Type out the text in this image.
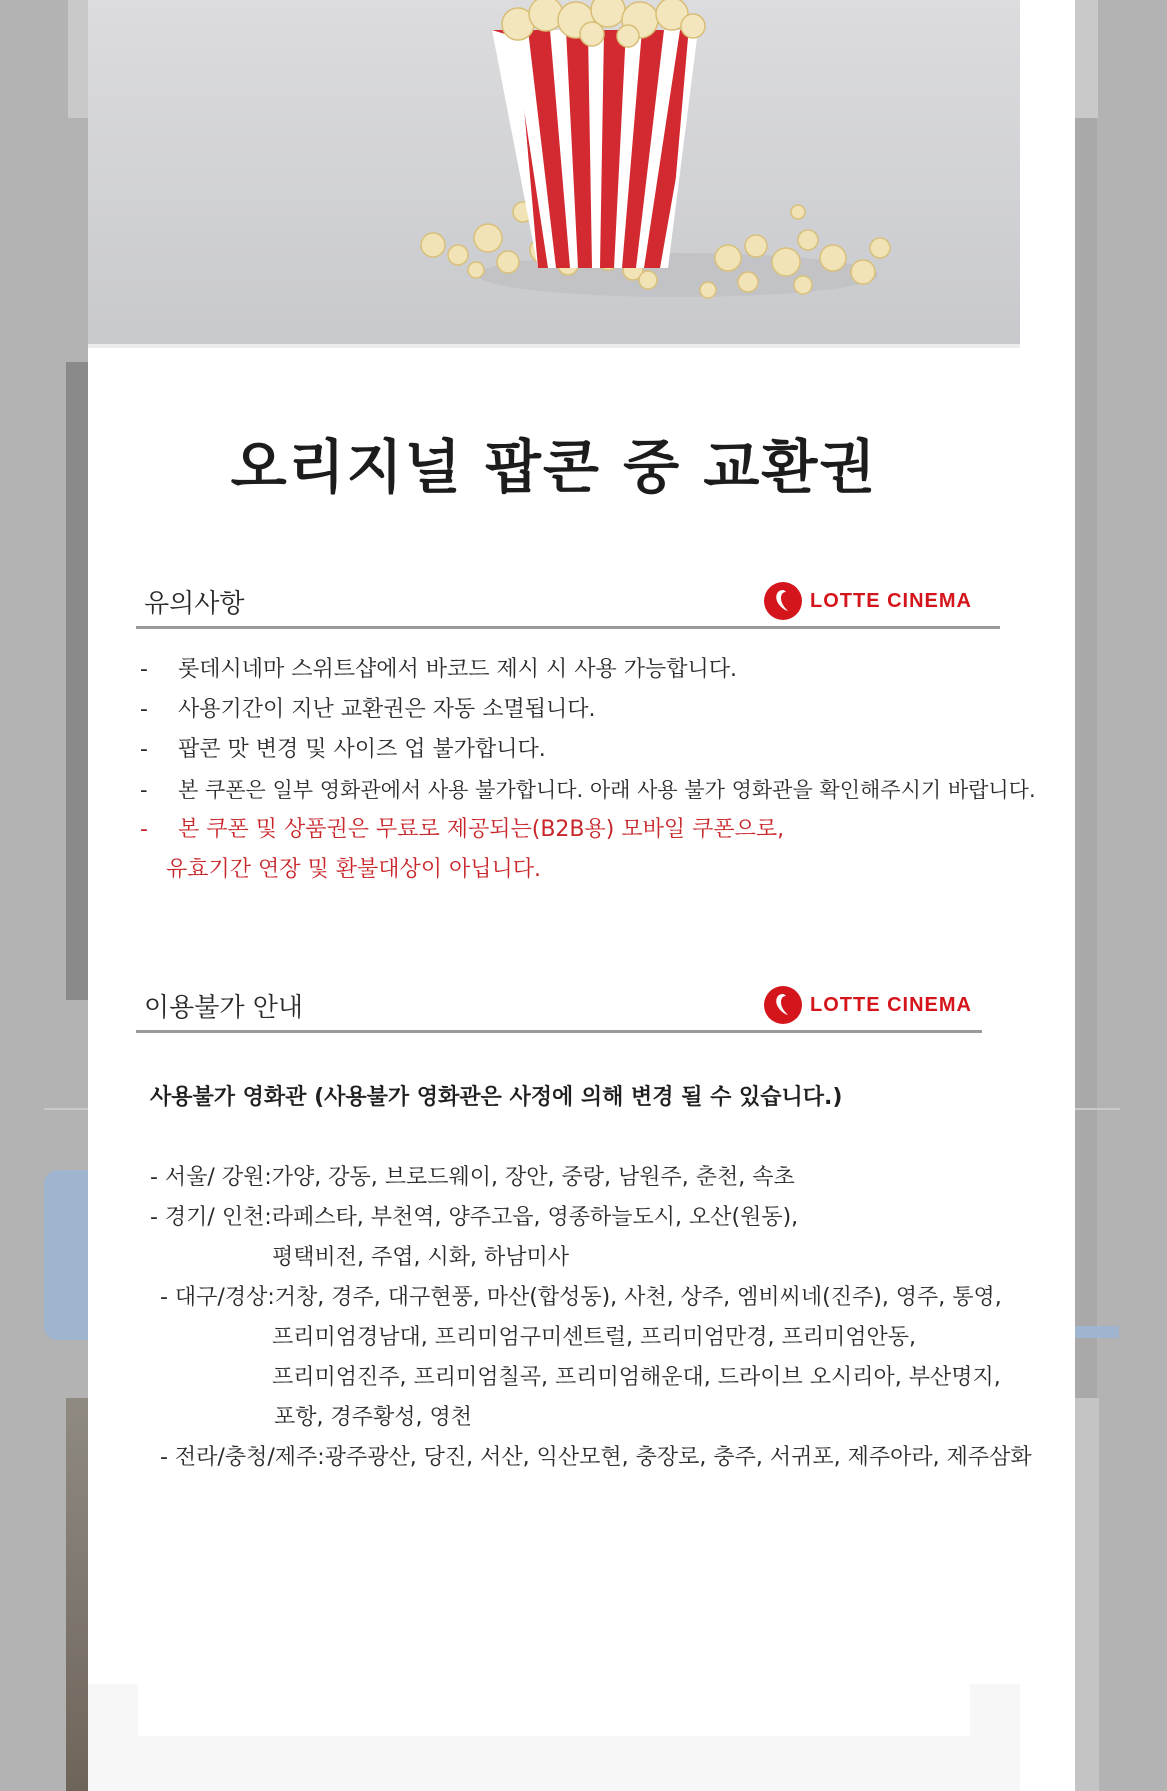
오리지널 팝콘 중 교환권
유의사항	LOTTE CINEMA
-	롯데시네마 스위트샵에서 바코드 제시 시 사용 가능합니다.
-	사용기간이 지난 교환권은 자동 소멸됩니다.
-	팝콘 맛 변경 및 사이즈 업 불가합니다.
-	본 쿠폰은 일부 영화관에서 사용 불가합니다. 아래 사용 불가 영화관을 확인해주시기 바랍니다.
-	본 쿠폰 및 상품권은 무료로 제공되는(B2B용) 모바일 쿠폰으로,
유효기간 연장 및 환불대상이 아닙니다.
이용불가 안내	LOTTE CINEMA
사용불가 영화관 (사용불가 영화관은 사정에 의해 변경 될 수 있습니다.)
- 서울/ 강원: 가양, 강동, 브로드웨이, 장안, 중랑, 남원주, 춘천, 속초
- 경기/ 인천: 라페스타, 부천역, 양주고읍, 영종하늘도시, 오산(원동),
평택비전, 주엽, 시화, 하남미사
- 대구/경상: 거창, 경주, 대구현풍, 마산(합성동), 사천, 상주, 엠비씨네(진주), 영주, 통영,
프리미엄경남대, 프리미엄구미센트럴, 프리미엄만경, 프리미엄안동,
프리미엄진주, 프리미엄칠곡, 프리미엄해운대, 드라이브 오시리아, 부산명지,
포항, 경주황성, 영천
- 전라/충청/제주: 광주광산, 당진, 서산, 익산모현, 충장로, 충주, 서귀포, 제주아라, 제주삼화
